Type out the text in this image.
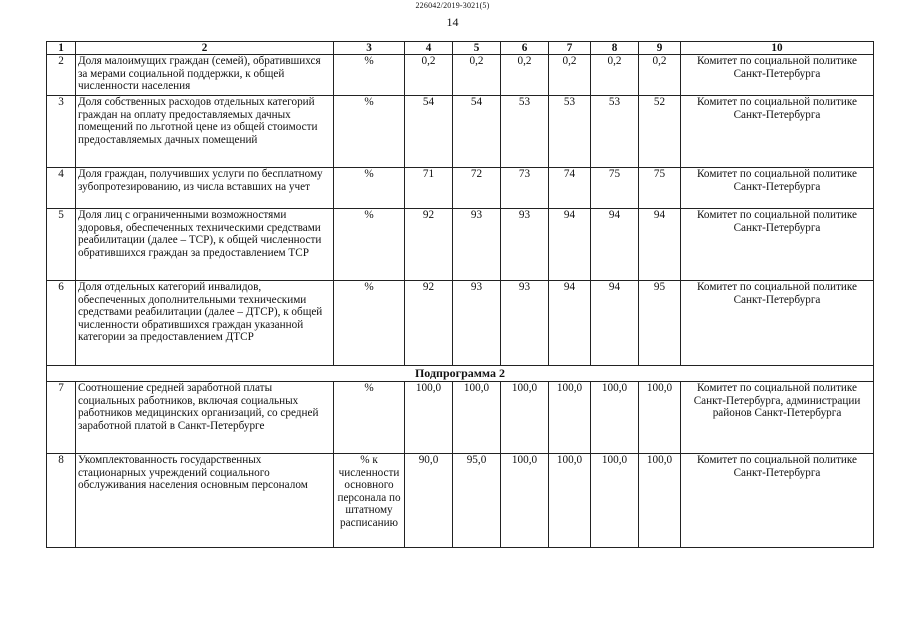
226042/2019-3021(5)
14
1	2	3	4	5	6	7	8	9	10
2	Доля малоимущих граждан (семей), обратившихся за мерами социальной поддержки, к общей численности населения	%	0,2	0,2	0,2	0,2	0,2	0,2	Комитет по социальной политике Санкт-Петербурга
3	Доля собственных расходов отдельных категорий граждан на оплату предоставляемых дачных помещений по льготной цене из общей стоимости предоставляемых дачных помещений	%	54	54	53	53	53	52	Комитет по социальной политике Санкт-Петербурга
4	Доля граждан, получивших услуги по бесплатному зубопротезированию, из числа вставших на учет	%	71	72	73	74	75	75	Комитет по социальной политике Санкт-Петербурга
5	Доля лиц с ограниченными возможностями здоровья, обеспеченных техническими средствами реабилитации (далее – ТСР), к общей численности обратившихся граждан за предоставлением ТСР	%	92	93	93	94	94	94	Комитет по социальной политике Санкт-Петербурга
6	Доля отдельных категорий инвалидов, обеспеченных дополнительными техническими средствами реабилитации (далее – ДТСР), к общей численности обратившихся граждан указанной категории за предоставлением ДТСР	%	92	93	93	94	94	95	Комитет по социальной политике Санкт-Петербурга
Подпрограмма 2									
7	Соотношение средней заработной платы социальных работников, включая социальных работников медицинских организаций, со средней заработной платой в Санкт-Петербурге	%	100,0	100,0	100,0	100,0	100,0	100,0	Комитет по социальной политике Санкт-Петербурга, администрации районов Санкт-Петербурга
8	Укомплектованность государственных стационарных учреждений социального обслуживания населения основным персоналом	% к численности основного персонала по штатному расписанию	90,0	95,0	100,0	100,0	100,0	100,0	Комитет по социальной политике Санкт-Петербурга
